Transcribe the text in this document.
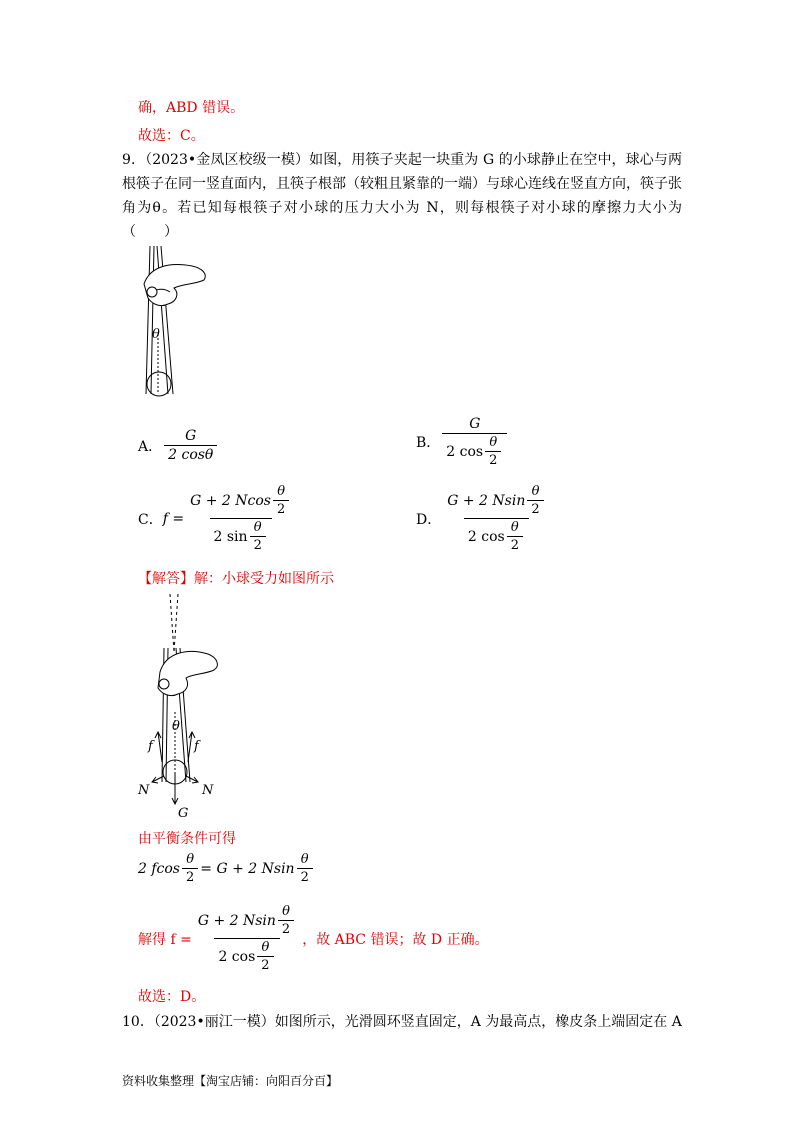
确，ABD 错误。
故选：C。
9．（2023•金凤区校级一模）如图，用筷子夹起一块重为 G 的小球静止在空中，球心与两根筷子在同一竖直面内，且筷子根部（较粗且紧靠的一端）与球心连线在竖直方向，筷子张角为θ。若已知每根筷子对小球的压力大小为 N，则每根筷子对小球的摩擦力大小为（　　）
θ
A． $\frac{G}{2 \cos\theta}$	B． $\frac{G}{2 \cos \frac{\theta}{2}}$
C． $f = \frac{G + 2 Ncos \frac{\theta}{2}}{2 \sin \frac{\theta}{2}}$	D． $\frac{G + 2 Nsin \frac{\theta}{2}}{2 \cos \frac{\theta}{2}}$
【解答】解：小球受力如图所示
θ
f	f
N	N
G
由平衡条件可得
2 fcos $\frac{\theta}{2} = G + 2$ Nsin $\frac{\theta}{2}$
解得 $f = \frac{G + 2 Nsin \frac{\theta}{2}}{2 \cos \frac{\theta}{2}}$ ，故 ABC 错误；故 D 正确。
故选：D。
10．（2023•丽江一模）如图所示，光滑圆环竖直固定，A 为最高点，橡皮条上端固定在 A
资料收集整理【淘宝店铺：向阳百分百】
